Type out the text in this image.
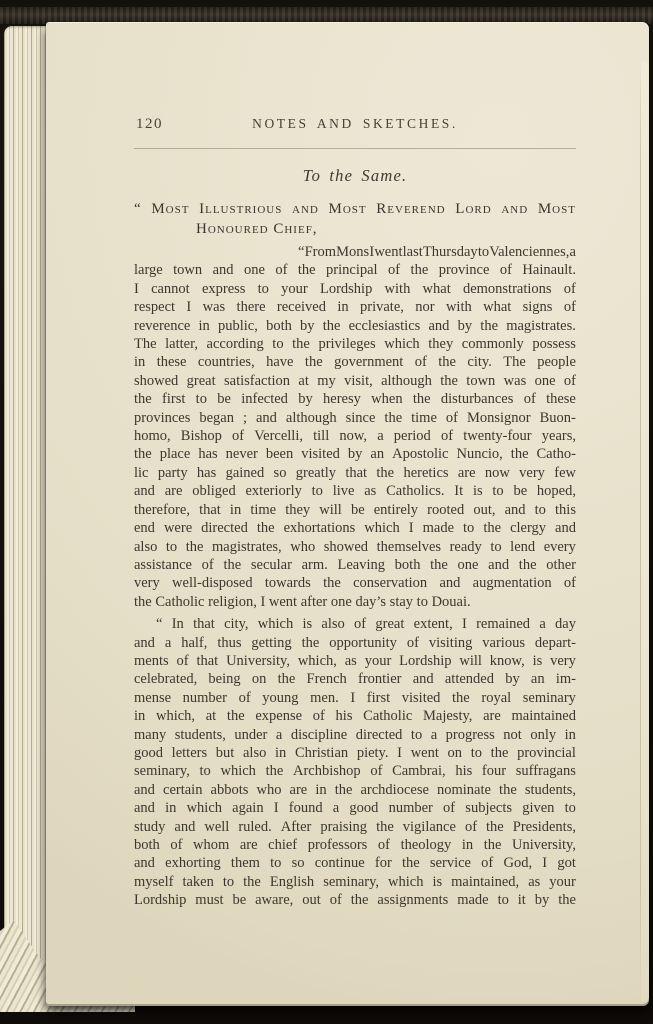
120	NOTES AND SKETCHES.
To the Same.
“ Most Illustrious and Most Reverend Lord and Most
Honoured Chief,
“ From Mons I went last Thursday to Valenciennes, a
large town and one of the principal of the province of Hainault.
I cannot express to your Lordship with what demonstrations of
respect I was there received in private, nor with what signs of
reverence in public, both by the ecclesiastics and by the magistrates.
The latter, according to the privileges which they commonly possess
in these countries, have the government of the city. The people
showed great satisfaction at my visit, although the town was one of
the first to be infected by heresy when the disturbances of these
provinces began ; and although since the time of Monsignor Buon-
homo, Bishop of Vercelli, till now, a period of twenty-four years,
the place has never been visited by an Apostolic Nuncio, the Catho-
lic party has gained so greatly that the heretics are now very few
and are obliged exteriorly to live as Catholics. It is to be hoped,
therefore, that in time they will be entirely rooted out, and to this
end were directed the exhortations which I made to the clergy and
also to the magistrates, who showed themselves ready to lend every
assistance of the secular arm. Leaving both the one and the other
very well-disposed towards the conservation and augmentation of
the Catholic religion, I went after one day’s stay to Douai.
“ In that city, which is also of great extent, I remained a day
and a half, thus getting the opportunity of visiting various depart-
ments of that University, which, as your Lordship will know, is very
celebrated, being on the French frontier and attended by an im-
mense number of young men. I first visited the royal seminary
in which, at the expense of his Catholic Majesty, are maintained
many students, under a discipline directed to a progress not only in
good letters but also in Christian piety. I went on to the provincial
seminary, to which the Archbishop of Cambrai, his four suffragans
and certain abbots who are in the archdiocese nominate the students,
and in which again I found a good number of subjects given to
study and well ruled. After praising the vigilance of the Presidents,
both of whom are chief professors of theology in the University,
and exhorting them to so continue for the service of God, I got
myself taken to the English seminary, which is maintained, as your
Lordship must be aware, out of the assignments made to it by the
